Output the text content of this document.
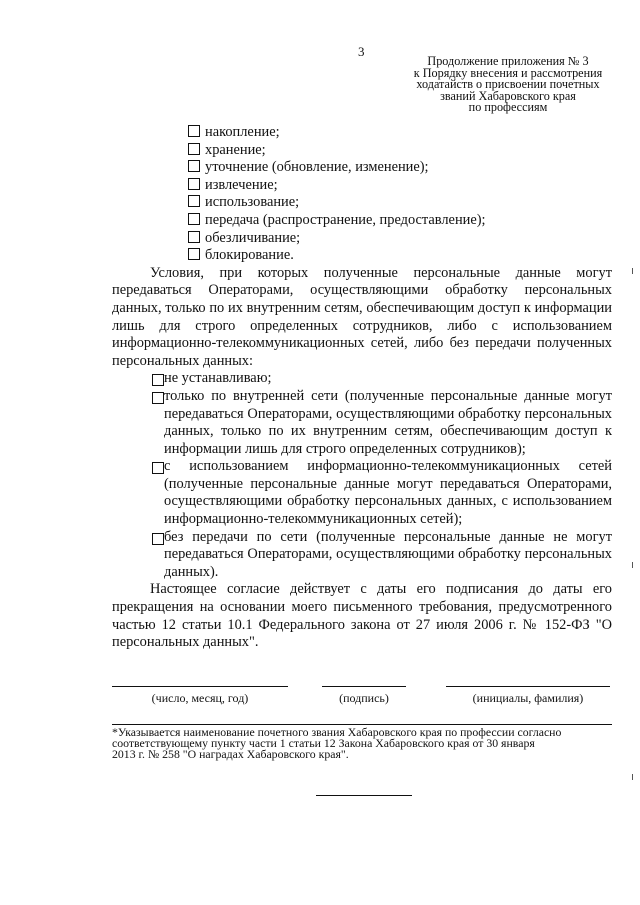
3
Продолжение приложения № 3
к Порядку внесения и рассмотрения
ходатайств о присвоении почетных
званий Хабаровского края
по профессиям
накопление;
хранение;
уточнение (обновление, изменение);
извлечение;
использование;
передача (распространение, предоставление);
обезличивание;
блокирование.

Условия, при которых полученные персональные данные могут передаваться Операторами, осуществляющими обработку персональных данных, только по их внутренним сетям, обеспечивающим доступ к информации лишь для строго определенных сотрудников, либо с использованием информационно-телекоммуникационных сетей, либо без передачи полученных персональных данных:

не устанавливаю;

только по внутренней сети (полученные персональные данные могут передаваться Операторами, осуществляющими обработку персональных данных, только по их внутренним сетям, обеспечивающим доступ к информации лишь для строго определенных сотрудников);

с использованием информационно-телекоммуникационных сетей (полученные персональные данные могут передаваться Операторами, осуществляющими обработку персональных данных, с использованием информационно-телекоммуникационных сетей);

без передачи по сети (полученные персональные данные не могут передаваться Операторами, осуществляющими обработку персональных данных).

Настоящее согласие действует с даты его подписания до даты его прекращения на основании моего письменного требования, предусмотренного частью 12 статьи 10.1 Федерального закона от 27 июля 2006 г. № 152-ФЗ "О персональных данных".

(число, месяц, год)	(подпись)	(инициалы, фамилия)
*Указывается наименование почетного звания Хабаровского края по профессии согласно
соответствующему пункту части 1 статьи 12 Закона Хабаровского края от 30 января
2013 г. № 258 "О наградах Хабаровского края".
